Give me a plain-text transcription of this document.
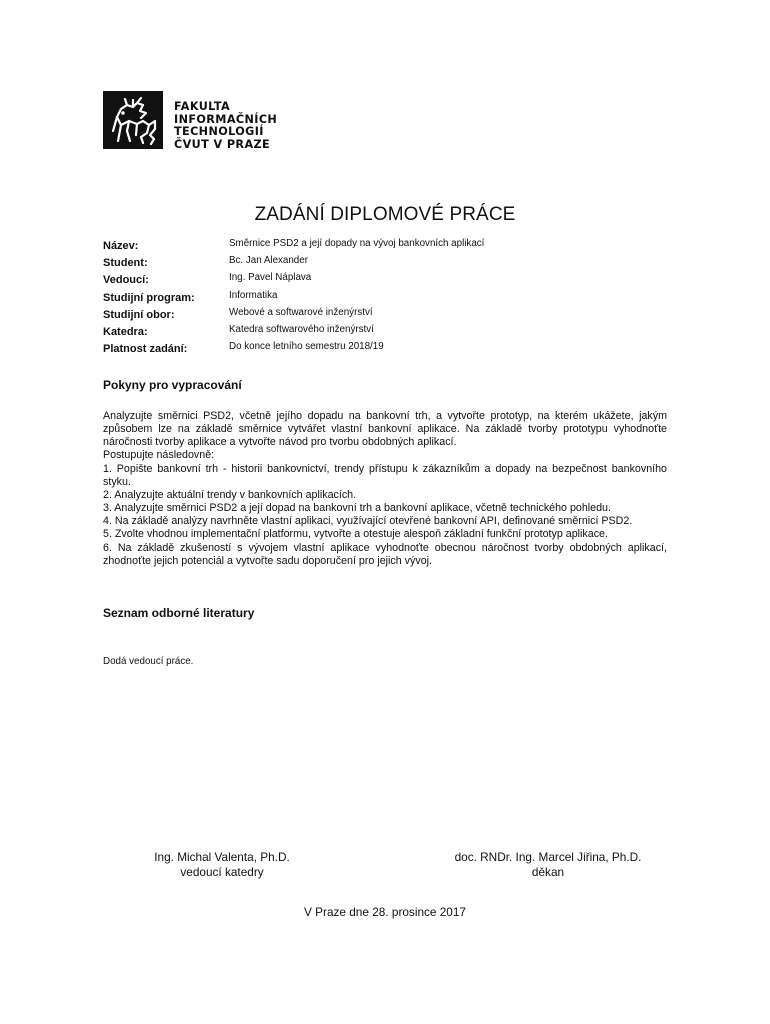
FAKULTA
INFORMAČNÍCH
TECHNOLOGIÍ
ČVUT V PRAZE
ZADÁNÍ DIPLOMOVÉ PRÁCE
Název:	Směrnice PSD2 a její dopady na vývoj bankovních aplikací
Student:	Bc. Jan Alexander
Vedoucí:	Ing. Pavel Náplava
Studijní program:	Informatika
Studijní obor:	Webové a softwarové inženýrství
Katedra:	Katedra softwarového inženýrství
Platnost zadání:	Do konce letního semestru 2018/19
Pokyny pro vypracování

Analyzujte směrnici PSD2, včetně jejího dopadu na bankovní trh, a vytvořte prototyp, na kterém ukážete, jakým způsobem lze na základě směrnice vytvářet vlastní bankovní aplikace. Na základě tvorby prototypu vyhodnoťte náročnosti tvorby aplikace a vytvořte návod pro tvorbu obdobných aplikací.

Postupujte následovně:

1. Popište bankovní trh - historii bankovnictví, trendy přístupu k zákazníkům a dopady na bezpečnost bankovního styku.

2. Analyzujte aktuální trendy v bankovních aplikacích.

3. Analyzujte směrnici PSD2 a její dopad na bankovní trh a bankovní aplikace, včetně technického pohledu.

4. Na základě analýzy navrhněte vlastní aplikaci, využívající otevřené bankovní API, definované směrnicí PSD2.

5. Zvolte vhodnou implementační platformu, vytvořte a otestuje alespoň základní funkční prototyp aplikace.

6. Na základě zkušeností s vývojem vlastní aplikace vyhodnoťte obecnou náročnost tvorby obdobných aplikací, zhodnoťte jejich potenciál a vytvořte sadu doporučení pro jejich vývoj.

Seznam odborné literatury
Dodá vedoucí práce.
Ing. Michal Valenta, Ph.D.
vedoucí katedry
doc. RNDr. Ing. Marcel Jiřina, Ph.D.
děkan
V Praze dne 28. prosince 2017
